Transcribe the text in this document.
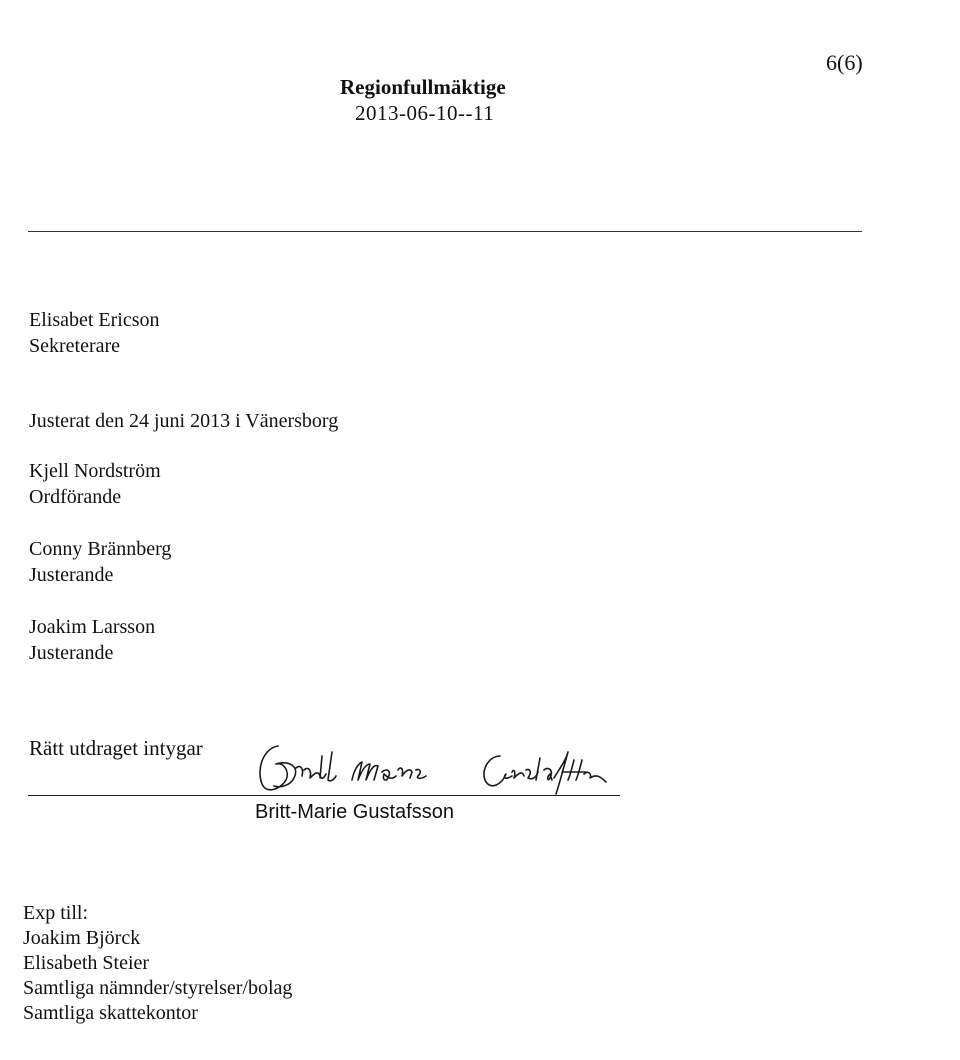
6(6)
Regionfullmäktige
2013-06-10--11
Elisabet Ericson
Sekreterare
Justerat den 24 juni 2013 i Vänersborg
Kjell Nordström
Ordförande
Conny Brännberg
Justerande
Joakim Larsson
Justerande
Rätt utdraget intygar
Britt-Marie Gustafsson
Exp till:
Joakim Björck
Elisabeth Steier
Samtliga nämnder/styrelser/bolag
Samtliga skattekontor
